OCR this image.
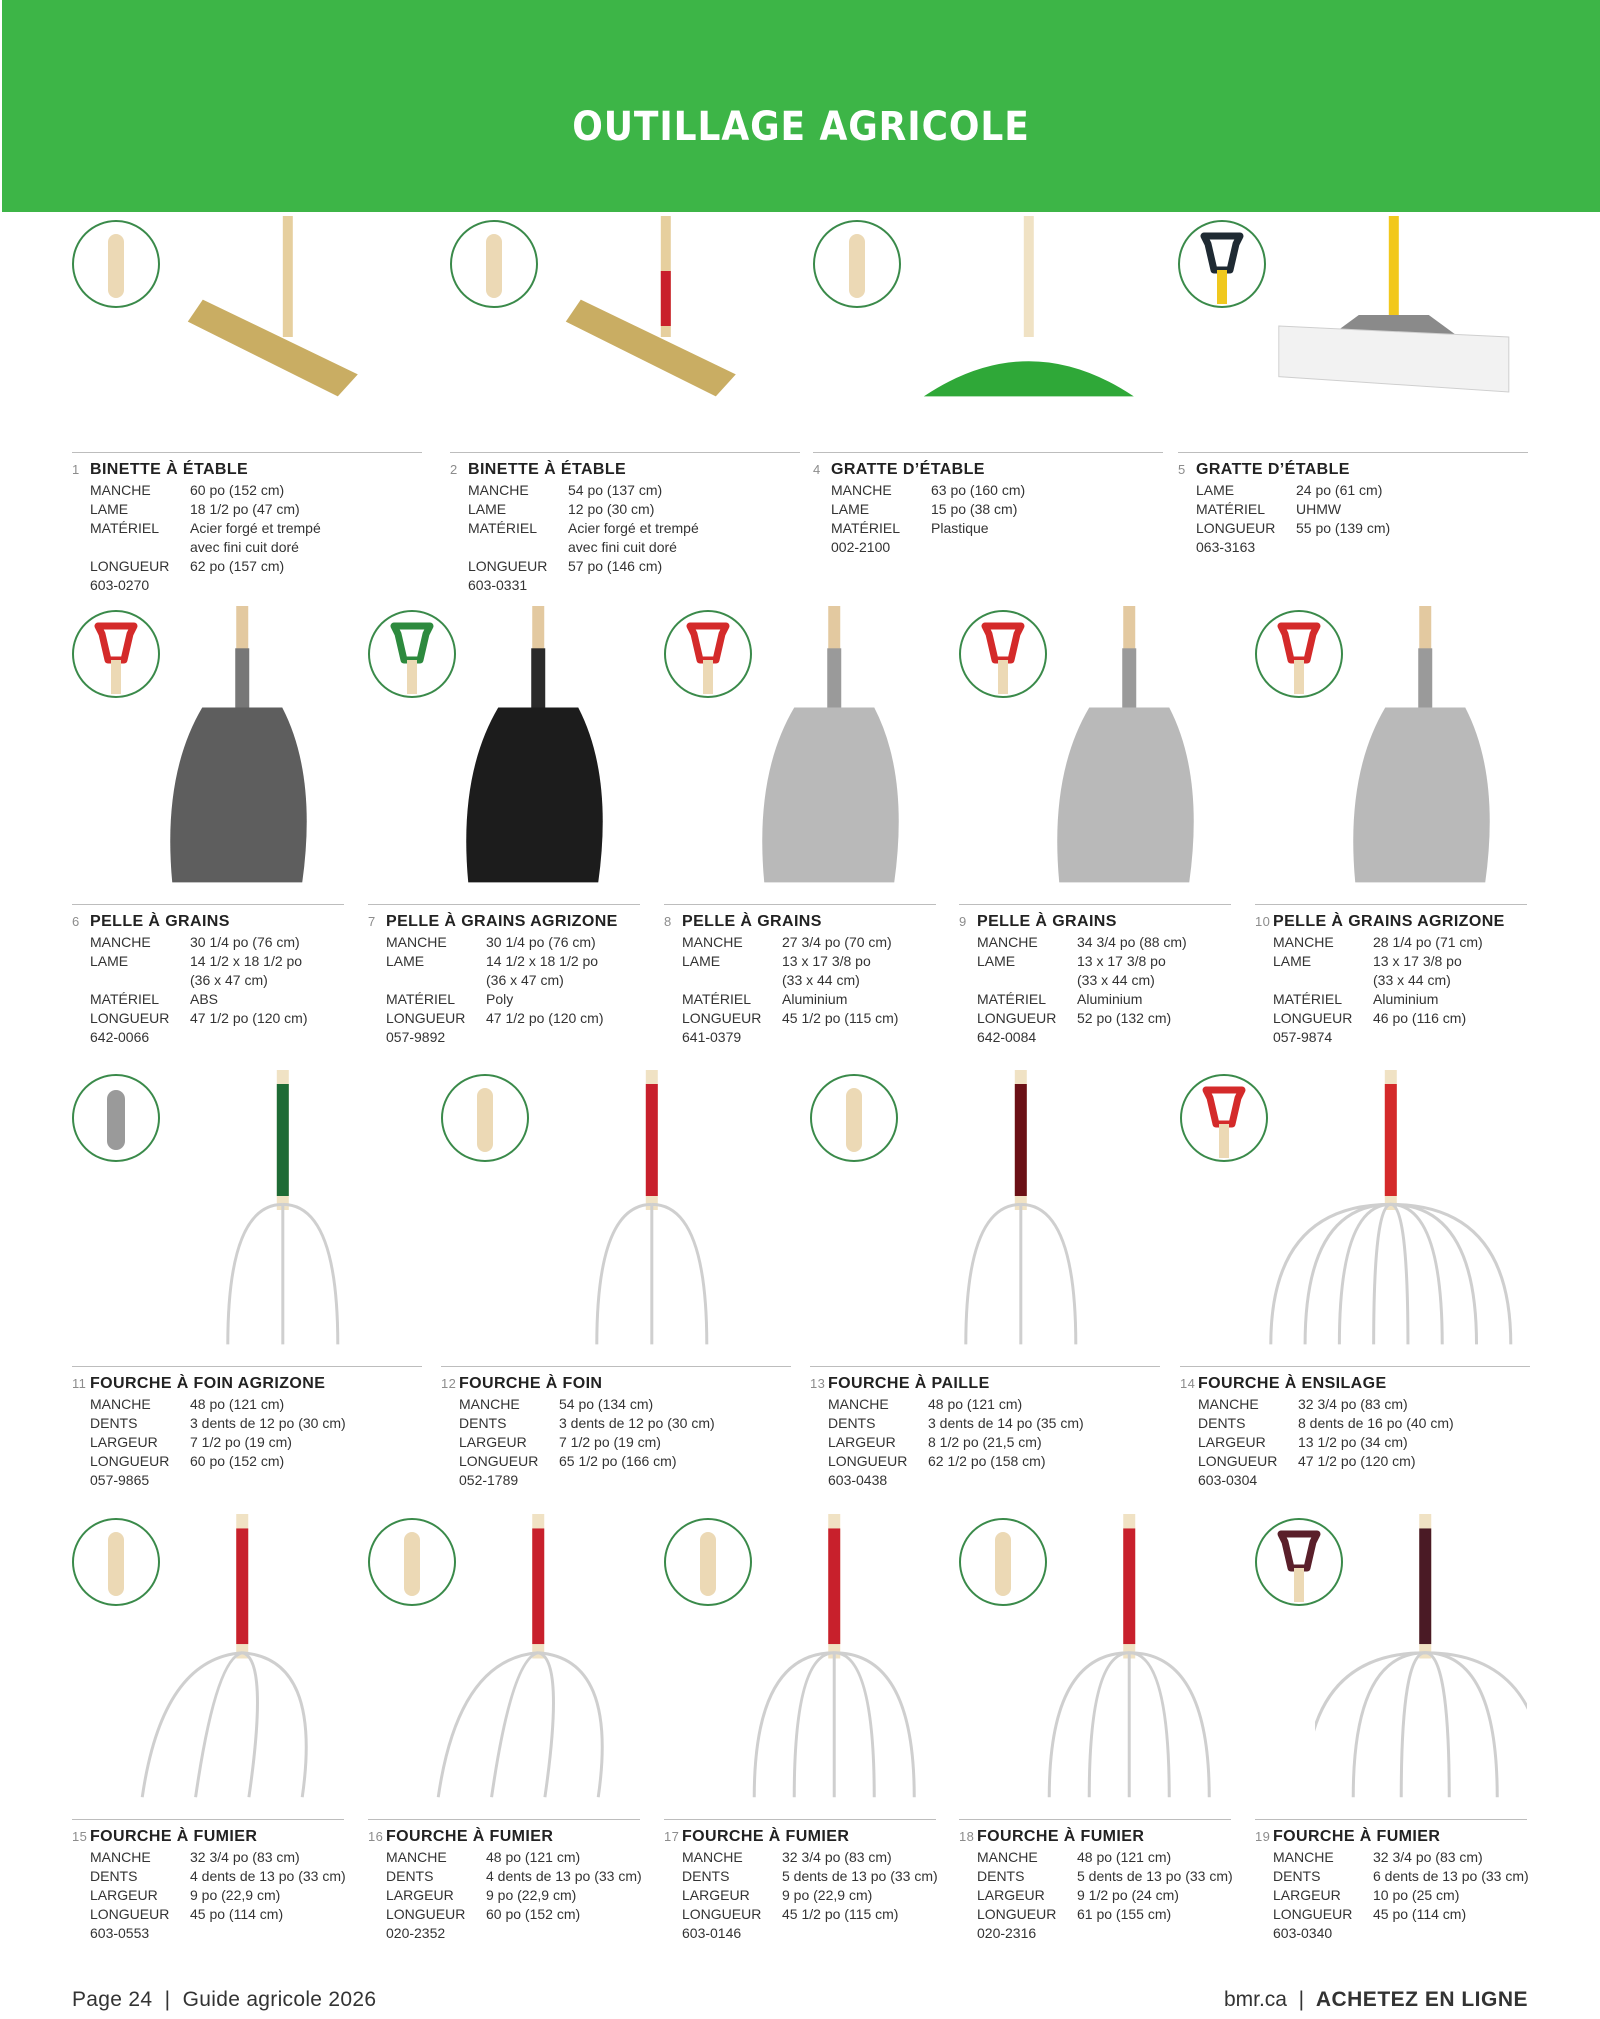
OUTILLAGE AGRICOLE
1 BINETTE À ÉTABLE
MANCHE	60 po (152 cm)
LAME	18 1/2 po (47 cm)
MATÉRIEL Acier forgé et trempé
avec fini cuit doré
LONGUEUR 62 po (157 cm)
603-0270
2 BINETTE À ÉTABLE
MANCHE	54 po (137 cm)
LAME	12 po (30 cm)
MATÉRIEL Acier forgé et trempé
avec fini cuit doré
LONGUEUR 57 po (146 cm)
603-0331
4 GRATTE D’ÉTABLE
MANCHE	63 po (160 cm)
LAME	15 po (38 cm)
MATÉRIEL Plastique
002-2100
5 GRATTE D’ÉTABLE
LAME	24 po (61 cm)
MATÉRIEL UHMW
LONGUEUR 55 po (139 cm)
063-3163
6 PELLE À GRAINS
MANCHE	30 1/4 po (76 cm)
LAME	14 1/2 x 18 1/2 po
(36 x 47 cm)
MATÉRIEL ABS
LONGUEUR 47 1/2 po (120 cm)
642-0066
7 PELLE À GRAINS AGRIZONE
MANCHE	30 1/4 po (76 cm)
LAME	14 1/2 x 18 1/2 po
(36 x 47 cm)
MATÉRIEL Poly
LONGUEUR 47 1/2 po (120 cm)
057-9892
8 PELLE À GRAINS
MANCHE	27 3/4 po (70 cm)
LAME	13 x 17 3/8 po
(33 x 44 cm)
MATÉRIEL Aluminium
LONGUEUR 45 1/2 po (115 cm)
641-0379
9 PELLE À GRAINS
MANCHE	34 3/4 po (88 cm)
LAME	13 x 17 3/8 po
(33 x 44 cm)
MATÉRIEL Aluminium
LONGUEUR 52 po (132 cm)
642-0084
10 PELLE À GRAINS AGRIZONE
MANCHE	28 1/4 po (71 cm)
LAME	13 x 17 3/8 po
(33 x 44 cm)
MATÉRIEL Aluminium
LONGUEUR 46 po (116 cm)
057-9874
11 FOURCHE À FOIN AGRIZONE
MANCHE	48 po (121 cm)
DENTS	3 dents de 12 po (30 cm)
LARGEUR 7 1/2 po (19 cm)
LONGUEUR 60 po (152 cm)
057-9865
12 FOURCHE À FOIN
MANCHE	54 po (134 cm)
DENTS	3 dents de 12 po (30 cm)
LARGEUR 7 1/2 po (19 cm)
LONGUEUR 65 1/2 po (166 cm)
052-1789
13 FOURCHE À PAILLE
MANCHE	48 po (121 cm)
DENTS	3 dents de 14 po (35 cm)
LARGEUR 8 1/2 po (21,5 cm)
LONGUEUR 62 1/2 po (158 cm)
603-0438
14 FOURCHE À ENSILAGE
MANCHE	32 3/4 po (83 cm)
DENTS	8 dents de 16 po (40 cm)
LARGEUR 13 1/2 po (34 cm)
LONGUEUR 47 1/2 po (120 cm)
603-0304
15 FOURCHE À FUMIER
MANCHE	32 3/4 po (83 cm)
DENTS	4 dents de 13 po (33 cm)
LARGEUR 9 po (22,9 cm)
LONGUEUR 45 po (114 cm)
603-0553
16 FOURCHE À FUMIER
MANCHE	48 po (121 cm)
DENTS	4 dents de 13 po (33 cm)
LARGEUR 9 po (22,9 cm)
LONGUEUR 60 po (152 cm)
020-2352
17 FOURCHE À FUMIER
MANCHE	32 3/4 po (83 cm)
DENTS	5 dents de 13 po (33 cm)
LARGEUR 9 po (22,9 cm)
LONGUEUR 45 1/2 po (115 cm)
603-0146
18 FOURCHE À FUMIER
MANCHE	48 po (121 cm)
DENTS	5 dents de 13 po (33 cm)
LARGEUR 9 1/2 po (24 cm)
LONGUEUR 61 po (155 cm)
020-2316
19 FOURCHE À FUMIER
MANCHE	32 3/4 po (83 cm)
DENTS	6 dents de 13 po (33 cm)
LARGEUR 10 po (25 cm)
LONGUEUR 45 po (114 cm)
603-0340
Page 24  |  Guide agricole 2026	bmr.ca  |  ACHETEZ EN LIGNE
